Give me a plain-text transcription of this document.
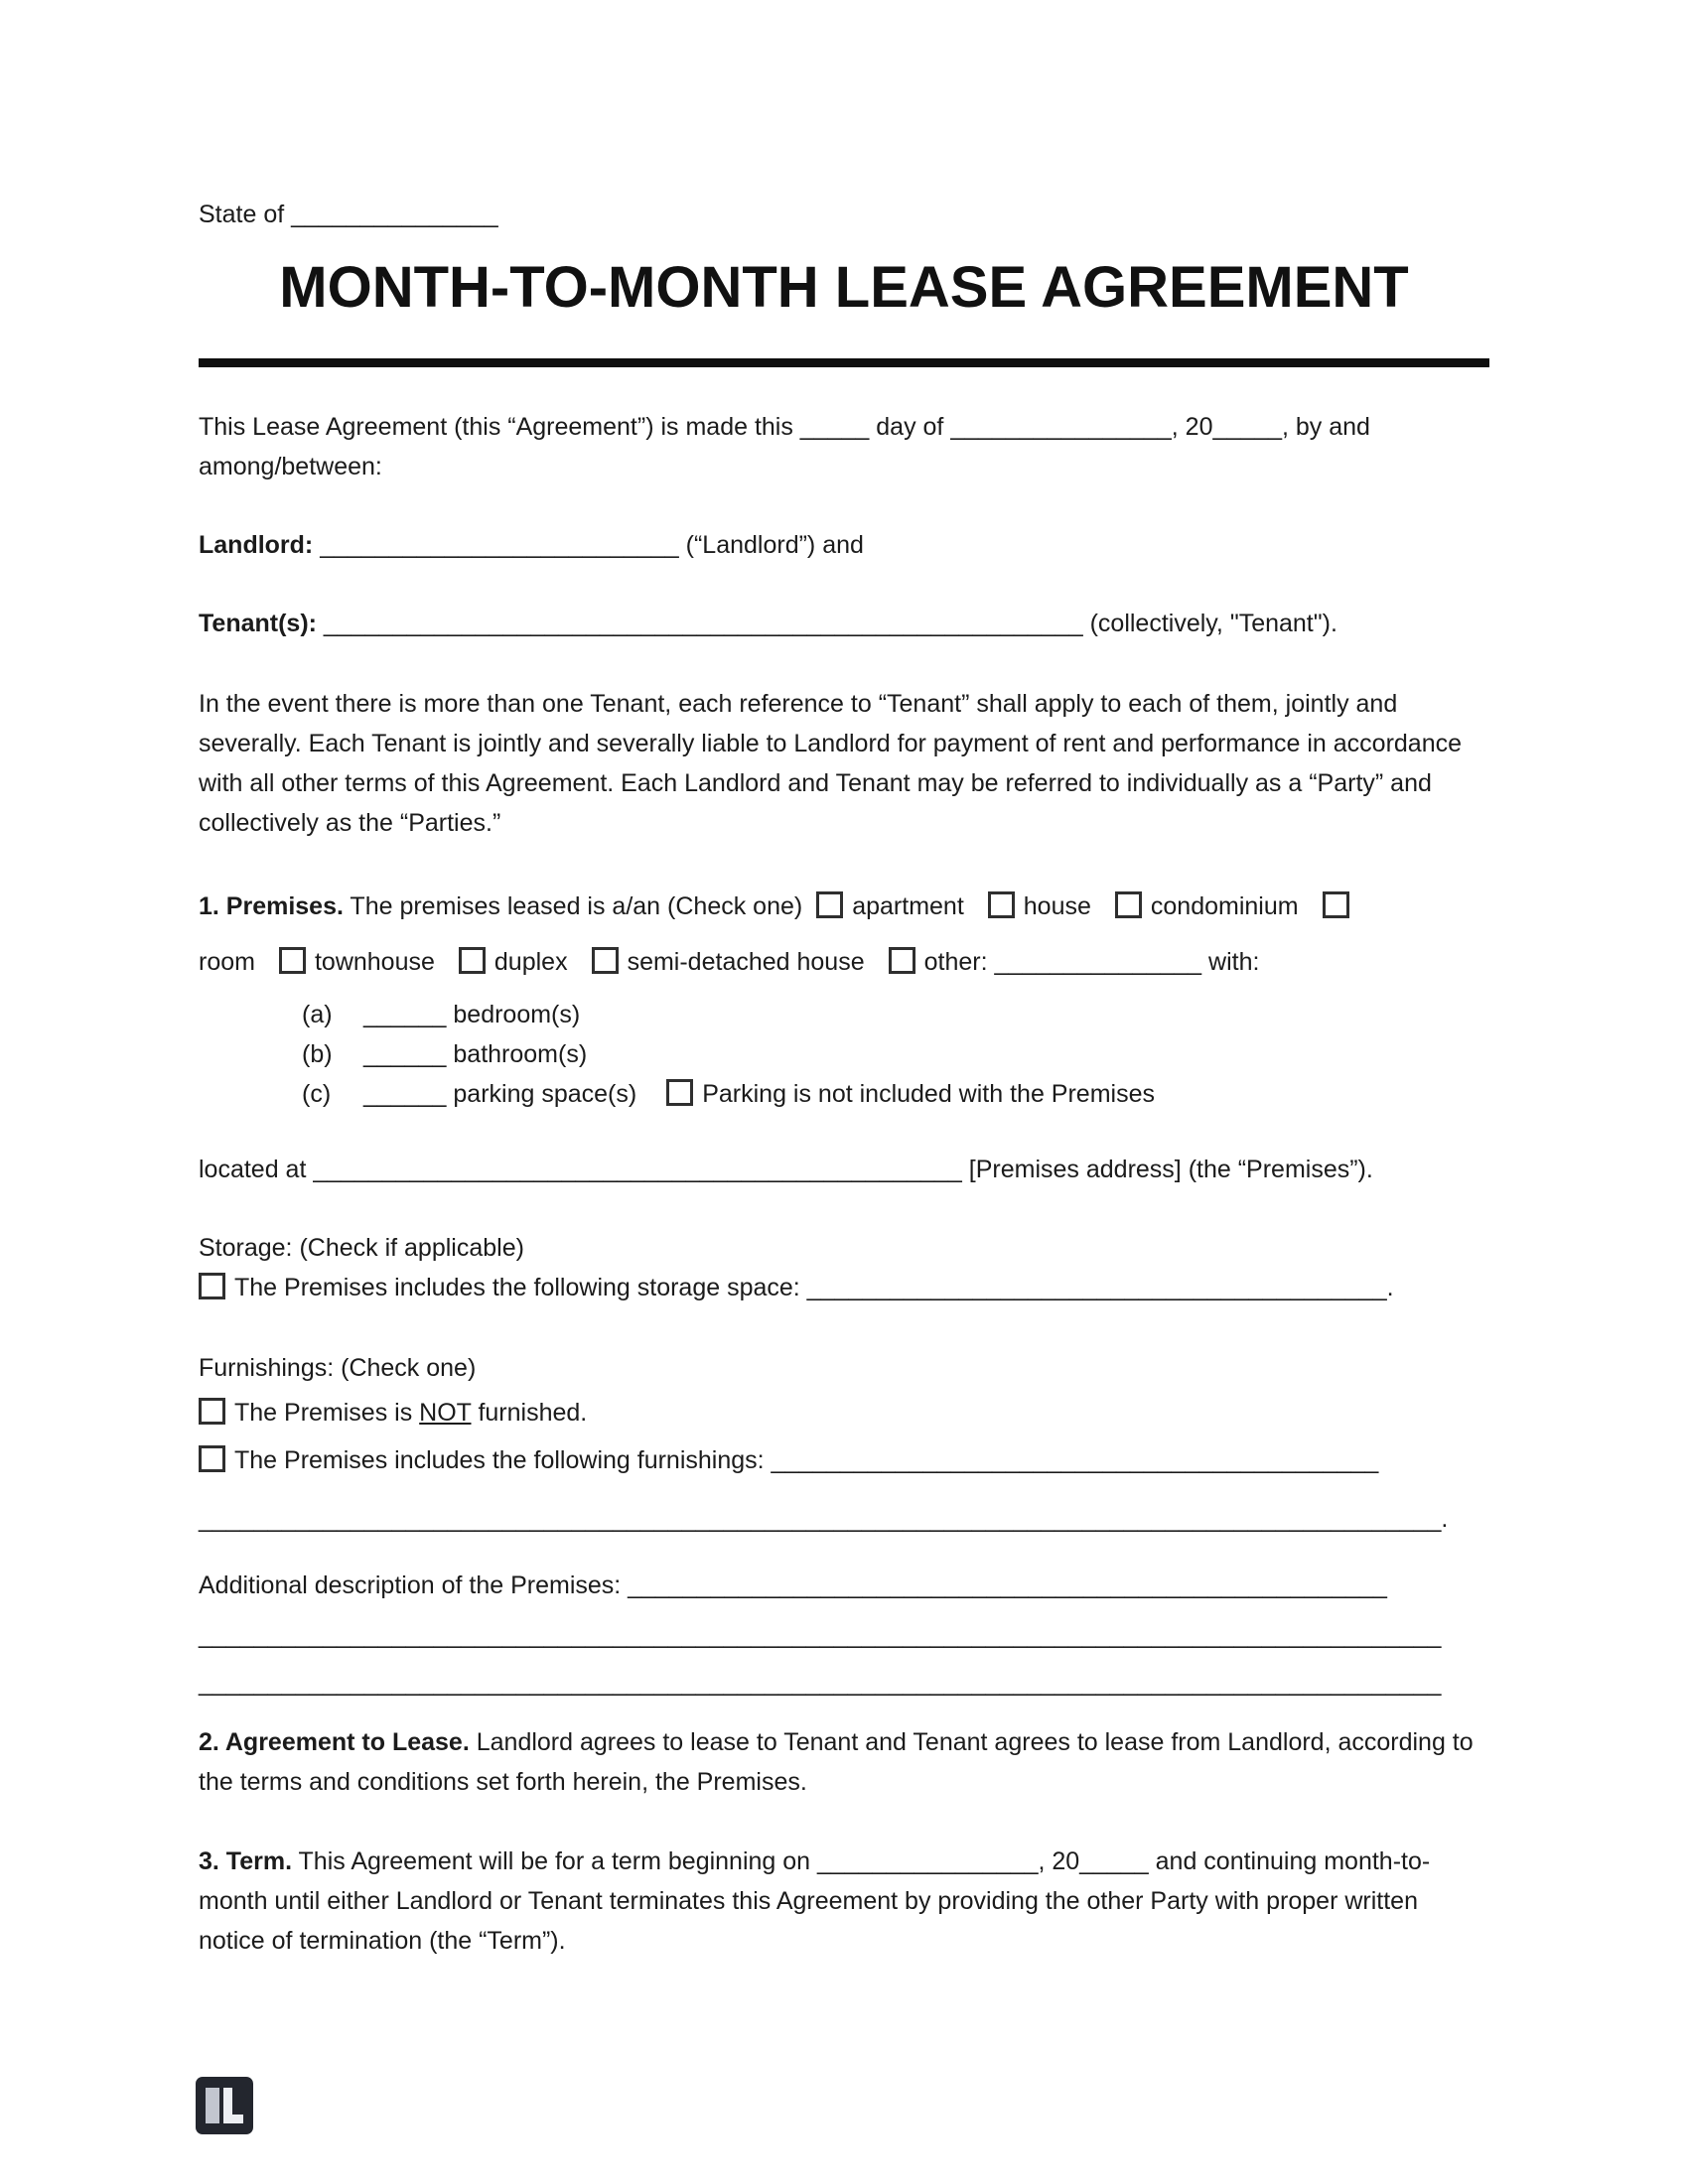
State of _______________

MONTH-TO-MONTH LEASE AGREEMENT

This Lease Agreement (this “Agreement”) is made this _____ day of ________________, 20_____, by and among/between:

Landlord: __________________________ (“Landlord”) and

Tenant(s): _______________________________________________________ (collectively, "Tenant").

In the event there is more than one Tenant, each reference to “Tenant” shall apply to each of them, jointly and severally. Each Tenant is jointly and severally liable to Landlord for payment of rent and performance in accordance with all other terms of this Agreement. Each Landlord and Tenant may be referred to individually as a “Party” and collectively as the “Parties.”

1. Premises. The premises leased is a/an (Check one) apartment house condominium

room townhouse duplex semi-detached house other: _______________ with:

(a) ______ bedroom(s)

(b) ______ bathroom(s)

(c) ______ parking space(s)	Parking is not included with the Premises

located at _______________________________________________ [Premises address] (the “Premises”).

Storage: (Check if applicable)

The Premises includes the following storage space: __________________________________________.

Furnishings: (Check one)

The Premises is NOT furnished.

The Premises includes the following furnishings: ____________________________________________

__________________________________________________________________________________________.

Additional description of the Premises: _______________________________________________________

__________________________________________________________________________________________

__________________________________________________________________________________________

2. Agreement to Lease. Landlord agrees to lease to Tenant and Tenant agrees to lease from Landlord, according to the terms and conditions set forth herein, the Premises.

3. Term. This Agreement will be for a term beginning on ________________, 20_____ and continuing month-to-month until either Landlord or Tenant terminates this Agreement by providing the other Party with proper written notice of termination (the “Term”).
